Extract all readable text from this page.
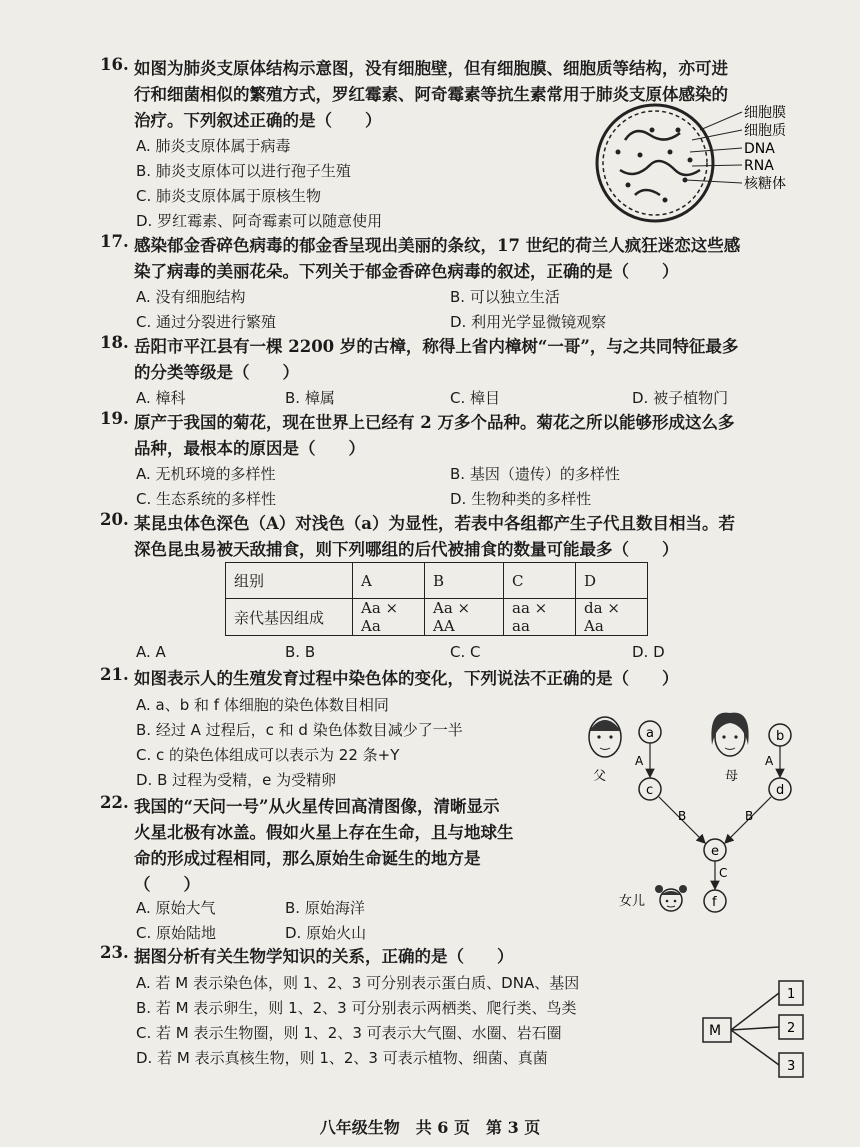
16. 如图为肺炎支原体结构示意图，没有细胞壁，但有细胞膜、细胞质等结构，亦可进
行和细菌相似的繁殖方式，罗红霉素、阿奇霉素等抗生素常用于肺炎支原体感染的
治疗。下列叙述正确的是（　　）
A. 肺炎支原体属于病毒
B. 肺炎支原体可以进行孢子生殖
C. 肺炎支原体属于原核生物
D. 罗红霉素、阿奇霉素可以随意使用
细胞膜
细胞质
DNA
RNA
核糖体
17. 感染郁金香碎色病毒的郁金香呈现出美丽的条纹，17 世纪的荷兰人疯狂迷恋这些感
染了病毒的美丽花朵。下列关于郁金香碎色病毒的叙述，正确的是（　　）
A. 没有细胞结构	B. 可以独立生活
C. 通过分裂进行繁殖	D. 利用光学显微镜观察
18. 岳阳市平江县有一棵 2200 岁的古樟，称得上省内樟树“一哥”，与之共同特征最多
的分类等级是（　　）
A. 樟科	B. 樟属	C. 樟目	D. 被子植物门
19. 原产于我国的菊花，现在世界上已经有 2 万多个品种。菊花之所以能够形成这么多
品种，最根本的原因是（　　）
A. 无机环境的多样性	B. 基因（遗传）的多样性
C. 生态系统的多样性	D. 生物种类的多样性
20. 某昆虫体色深色（A）对浅色（a）为显性，若表中各组都产生子代且数目相当。若
深色昆虫易被天敌捕食，则下列哪组的后代被捕食的数量可能最多（　　）
组别	A	B	C	D
亲代基因组成	Aa × Aa	Aa × AA	aa × aa	da × Aa
A. A	B. B	C. C	D. D
21. 如图表示人的生殖发育过程中染色体的变化，下列说法不正确的是（　　）
A. a、b 和 f 体细胞的染色体数目相同
B. 经过 A 过程后，c 和 d 染色体数目减少了一半
C. c 的染色体组成可以表示为 22 条+Y
D. B 过程为受精，e 为受精卵	父	母
a	b
c	d
e
f
A	A
B	B
C
女儿
22. 我国的“天问一号”从火星传回高清图像，清晰显示
火星北极有冰盖。假如火星上存在生命，且与地球生
命的形成过程相同，那么原始生命诞生的地方是
（　　）
A. 原始大气	B. 原始海洋
C. 原始陆地	D. 原始火山
23. 据图分析有关生物学知识的关系，正确的是（　　）
A. 若 M 表示染色体，则 1、2、3 可分别表示蛋白质、DNA、基因
B. 若 M 表示卵生，则 1、2、3 可分别表示两栖类、爬行类、鸟类
C. 若 M 表示生物圈，则 1、2、3 可表示大气圈、水圈、岩石圈
D. 若 M 表示真核生物，则 1、2、3 可表示植物、细菌、真菌
M
1
2
3
八年级生物　共 6 页　第 3 页
